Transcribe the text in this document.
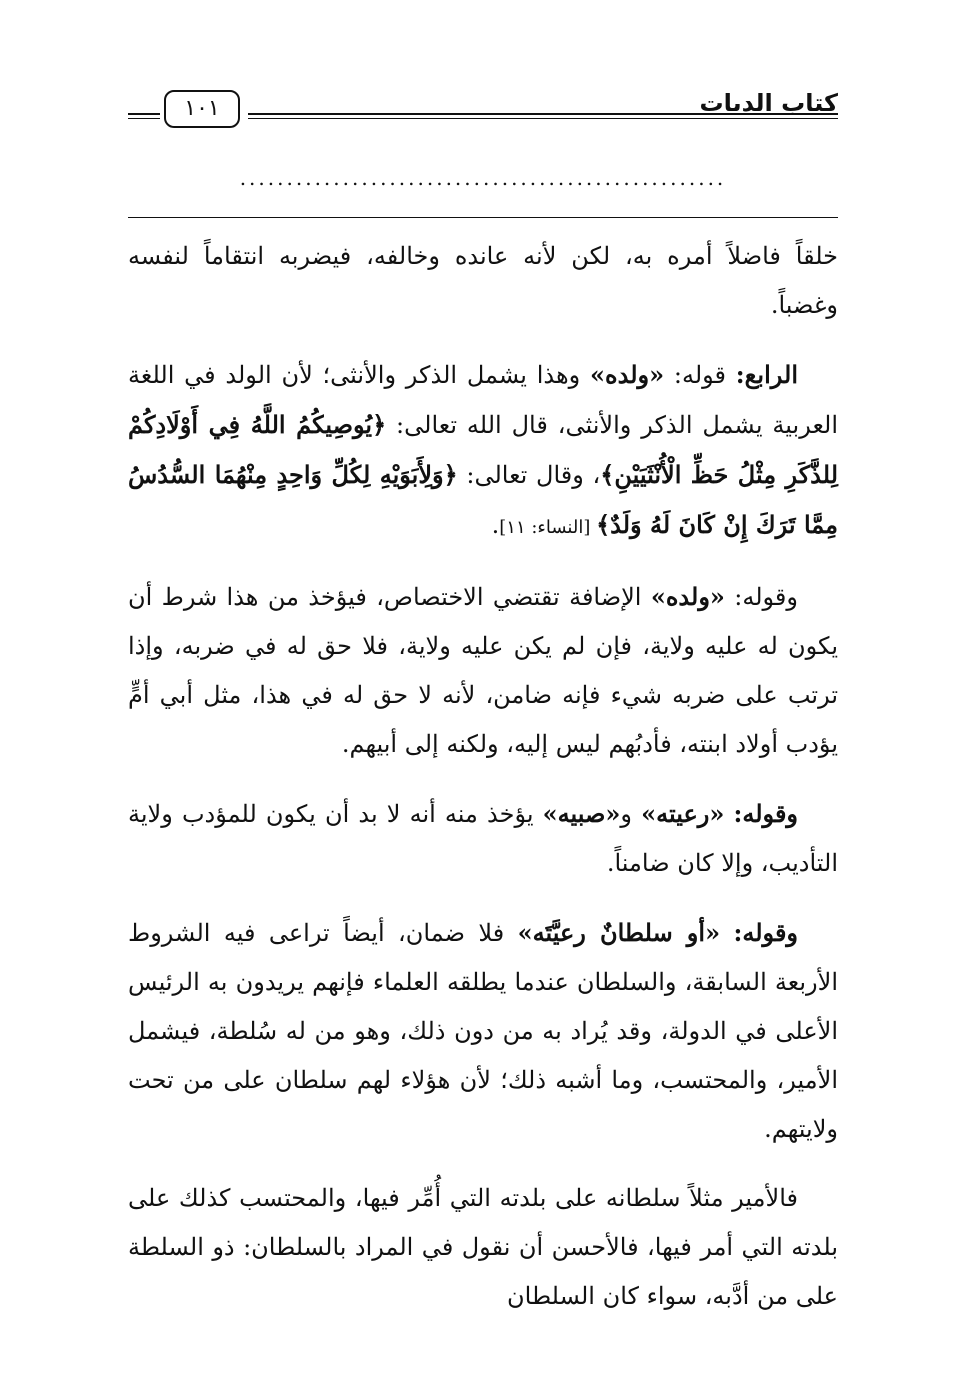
كتاب الديات
١٠١
....................................................

خلقاً فاضلاً أمره به، لكن لأنه عانده وخالفه، فيضربه انتقاماً لنفسه وغضباً.

الرابع: قوله: «ولده» وهذا يشمل الذكر والأنثى؛ لأن الولد في اللغة العربية يشمل الذكر والأنثى، قال الله تعالى: ﴿يُوصِيكُمُ اللَّهُ فِي أَوْلَادِكُمْ لِلذَّكَرِ مِثْلُ حَظِّ الْأُنْثَيَيْنِ﴾، وقال تعالى: ﴿وَلِأَبَوَيْهِ لِكُلِّ وَاحِدٍ مِنْهُمَا السُّدُسُ مِمَّا تَرَكَ إِنْ كَانَ لَهُ وَلَدٌ﴾ [النساء: ١١].

وقوله: «ولده» الإضافة تقتضي الاختصاص، فيؤخذ من هذا شرط أن يكون له عليه ولاية، فإن لم يكن عليه ولاية، فلا حق له في ضربه، وإذا ترتب على ضربه شيء فإنه ضامن، لأنه لا حق له في هذا، مثل أبي أمٍّ يؤدب أولاد ابنته، فأدبُهم ليس إليه، ولكنه إلى أبيهم.

وقوله: «رعيته» و«صبيه» يؤخذ منه أنه لا بد أن يكون للمؤدب ولاية التأديب، وإلا كان ضامناً.

وقوله: «أو سلطانٌ رعيَّتَه» فلا ضمان، أيضاً تراعى فيه الشروط الأربعة السابقة، والسلطان عندما يطلقه العلماء فإنهم يريدون به الرئيس الأعلى في الدولة، وقد يُراد به من دون ذلك، وهو من له سُلطة، فيشمل الأمير، والمحتسب، وما أشبه ذلك؛ لأن هؤلاء لهم سلطان على من تحت ولايتهم.

فالأمير مثلاً سلطانه على بلدته التي أُمِّر فيها، والمحتسب كذلك على بلدته التي أمر فيها، فالأحسن أن نقول في المراد بالسلطان: ذو السلطة على من أدَّبه، سواء كان السلطان
